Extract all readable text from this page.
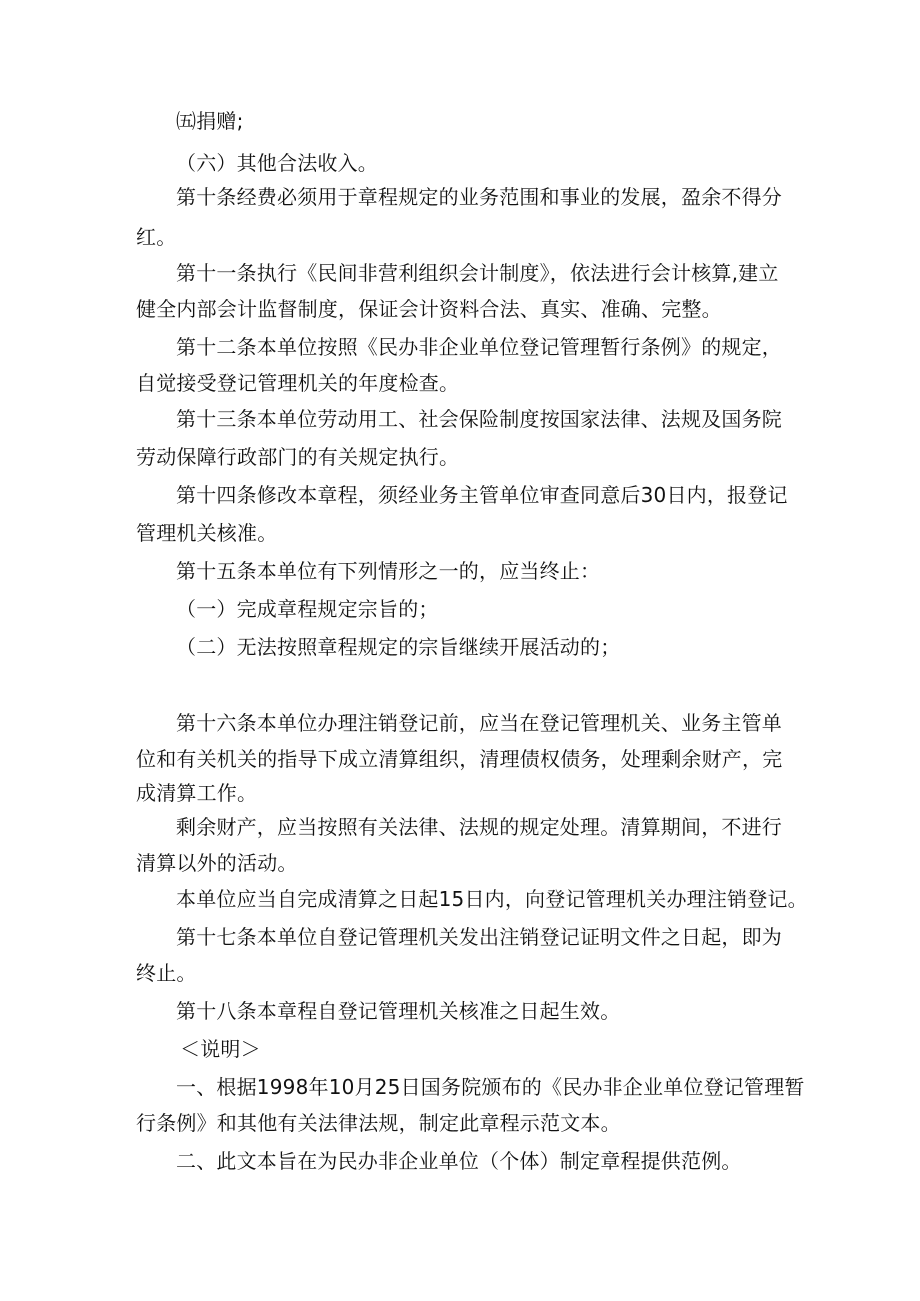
㈤捐赠;
（六）其他合法收入。
第十条经费必须用于章程规定的业务范围和事业的发展，盈余不得分
红。
第十一条执行《民间非营利组织会计制度》，依法进行会计核算,建立
健全内部会计监督制度，保证会计资料合法、真实、准确、完整。
第十二条本单位按照《民办非企业单位登记管理暂行条例》的规定，
自觉接受登记管理机关的年度检查。
第十三条本单位劳动用工、社会保险制度按国家法律、法规及国务院
劳动保障行政部门的有关规定执行。
第十四条修改本章程，须经业务主管单位审查同意后30日内，报登记
管理机关核准。
第十五条本单位有下列情形之一的，应当终止：
（一）完成章程规定宗旨的；
（二）无法按照章程规定的宗旨继续开展活动的；
第十六条本单位办理注销登记前，应当在登记管理机关、业务主管单
位和有关机关的指导下成立清算组织，清理债权债务，处理剩余财产，完
成清算工作。
剩余财产，应当按照有关法律、法规的规定处理。清算期间，不进行
清算以外的活动。
本单位应当自完成清算之日起15日内，向登记管理机关办理注销登记。
第十七条本单位自登记管理机关发出注销登记证明文件之日起，即为
终止。
第十八条本章程自登记管理机关核准之日起生效。
＜说明＞
一、根据1998年10月25日国务院颁布的《民办非企业单位登记管理暂
行条例》和其他有关法律法规，制定此章程示范文本。
二、此文本旨在为民办非企业单位（个体）制定章程提供范例。
